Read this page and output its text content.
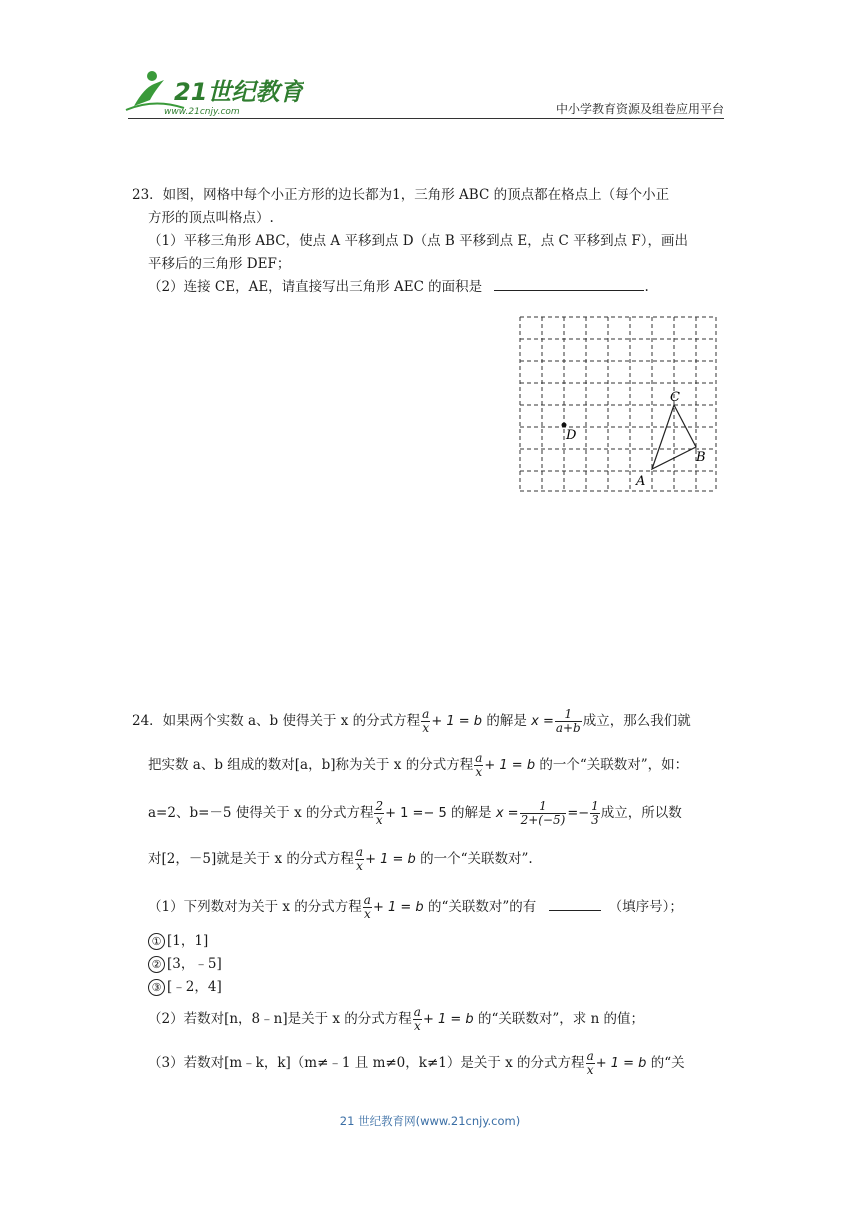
21世纪教育
www.21cnjy.com	中小学教育资源及组卷应用平台
23．如图，网格中每个小正方形的边长都为1，三角形 ABC 的顶点都在格点上（每个小正
方形的顶点叫格点）.
（1）平移三角形 ABC，使点 A 平移到点 D（点 B 平移到点 E，点 C 平移到点 F），画出
平移后的三角形 DEF；
（2）连接 CE，AE，请直接写出三角形 AEC 的面积是	.
C
D
B
A
24．如果两个实数 a、b 使得关于 x 的分式方程 $\frac{a}{x} + 1 = b$ 的解是 $x = \frac{1}{a+b}$ 成立，那么我们就
把实数 a、b 组成的数对[a，b]称为关于 x 的分式方程 $\frac{a}{x} + 1 = b$ 的一个“关联数对”，如：
a=2、b=－5 使得关于 x 的分式方程 $\frac{2}{x} + 1 =- 5$ 的解是 $x = \frac{1}{2+(-5)} =- \frac{1}{3}$ 成立，所以数
对[2，－5]就是关于 x 的分式方程 $\frac{a}{x} + 1 = b$ 的一个“关联数对”.
（1）下列数对为关于 x 的分式方程 $\frac{a}{x} + 1 = b$ 的“关联数对”的有	（填序号）；
① [1，1]
② [3，﹣5]
③ [﹣2，4]
（2）若数对[n，8﹣n]是关于 x 的分式方程 $\frac{a}{x} + 1 = b$ 的“关联数对”，求 n 的值；
（3）若数对[m﹣k，k]（m≠﹣1 且 m≠0，k≠1）是关于 x 的分式方程 $\frac{a}{x} + 1 = b$ 的“关
21 世纪教育网(www.21cnjy.com)
